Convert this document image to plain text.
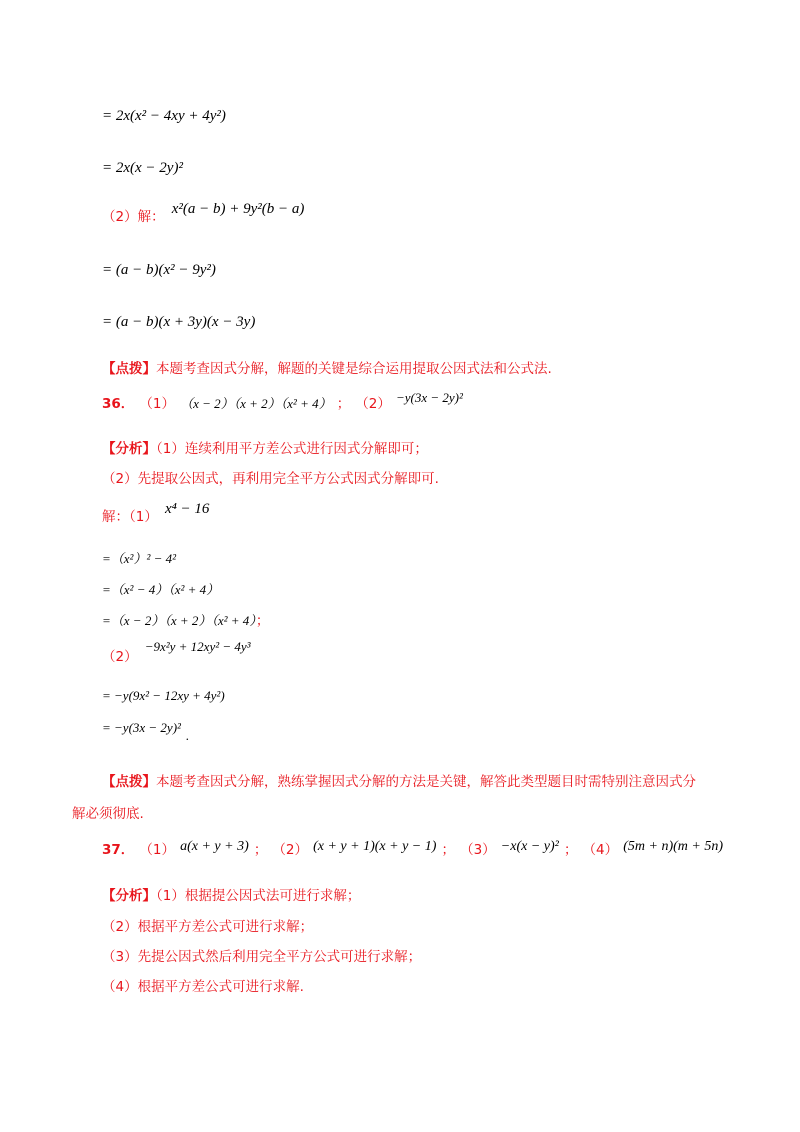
= 2x(x² − 4xy + 4y²)
= 2x(x − 2y)²
（2）解： x²(a − b) + 9y²(b − a)
= (a − b)(x² − 9y²)
= (a − b)(x + 3y)(x − 3y)
【点拨】本题考查因式分解，解题的关键是综合运用提取公因式法和公式法.
36． （1） （x − 2）（x + 2）（x² + 4） ； （2） $^{-y(3x - 2y)^2}$
【分析】（1）连续利用平方差公式进行因式分解即可；
（2）先提取公因式，再利用完全平方公式因式分解即可.
解：（1） x⁴ − 16
=（x²）² − 4²
=（x² − 4）（x² + 4）
=（x − 2）（x + 2）（x² + 4）；
（2） $^{-9x^2y + 12xy^2 - 4y^3}$
= −y(9x² − 12xy + 4y²)
= −y(3x − 2y)² $_.$
【点拨】本题考查因式分解，熟练掌握因式分解的方法是关键，解答此类型题目时需特别注意因式分
解必须彻底.
37． （1） a(x + y + 3) ； （2） (x + y + 1)(x + y − 1) ； （3） −x(x − y)² ； （4） (5m + n)(m + 5n)
【分析】（1）根据提公因式法可进行求解；
（2）根据平方差公式可进行求解；
（3）先提公因式然后利用完全平方公式可进行求解；
（4）根据平方差公式可进行求解.
